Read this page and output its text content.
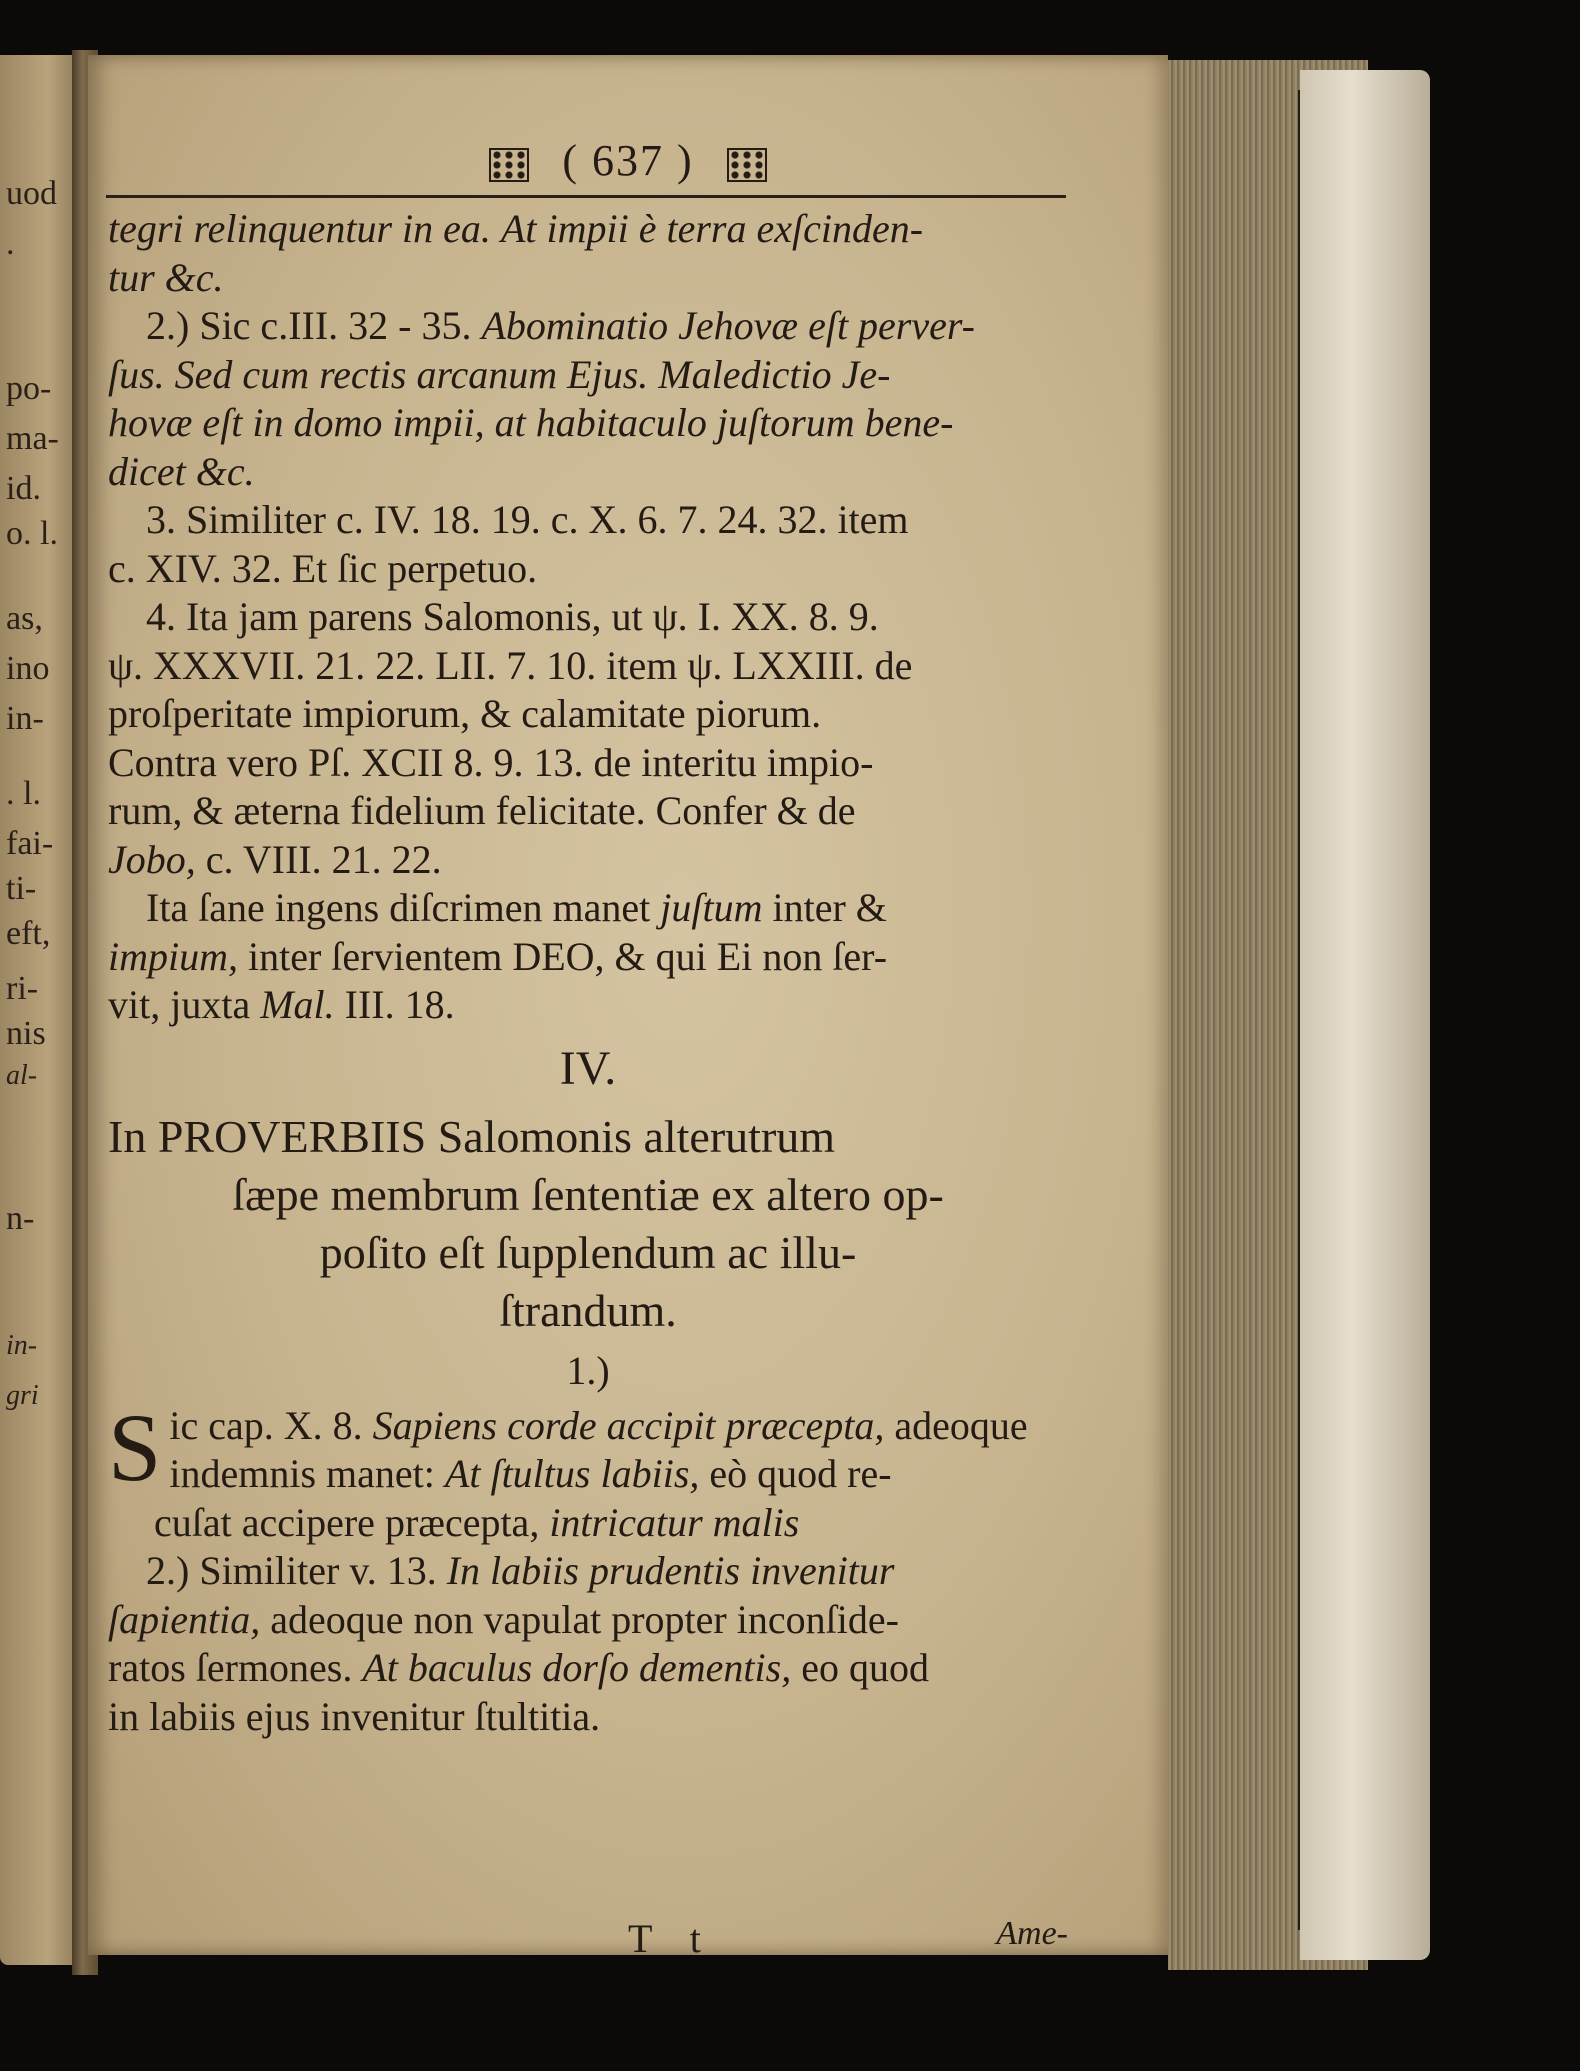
uod
.
po-
ma-
id.
o. l.
as,
ino
in-
. l.
fai-
ti-
eft,
ri-
nis
al-
n-
in-
gri
( 637 )
tegri relinquentur in ea. At impii è terra exſcinden-
tur &c.
2.) Sic c.III. 32 - 35. Abominatio Jehovæ eſt perver-
ſus. Sed cum rectis arcanum Ejus. Maledictio Je-
hovæ eſt in domo impii, at habitaculo juſtorum bene-
dicet &c.
3. Similiter c. IV. 18. 19. c. X. 6. 7. 24. 32. item
c. XIV. 32. Et ſic perpetuo.
4. Ita jam parens Salomonis, ut ψ. I. XX. 8. 9.
ψ. XXXVII. 21. 22. LII. 7. 10. item ψ. LXXIII. de
proſperitate impiorum, & calamitate piorum.
Contra vero Pſ. XCII 8. 9. 13. de interitu impio-
rum, & æterna fidelium felicitate. Confer & de
Jobo, c. VIII. 21. 22.
Ita ſane ingens diſcrimen manet juſtum inter &
impium, inter ſervientem DEO, & qui Ei non ſer-
vit, juxta Mal. III. 18.
IV.
In PROVERBIIS Salomonis alterutrum
ſæpe membrum ſententiæ ex altero op-
poſito eſt ſupplendum ac illu-
ſtrandum.
1.)
Sic cap. X. 8. Sapiens corde accipit præcepta, adeoque
indemnis manet: At ſtultus labiis, eò quod re-
cuſat accipere præcepta, intricatur malis
2.) Similiter v. 13. In labiis prudentis invenitur
ſapientia, adeoque non vapulat propter inconſide-
ratos ſermones. At baculus dorſo dementis, eo quod
in labiis ejus invenitur ſtultitia.
T t	Ame-
